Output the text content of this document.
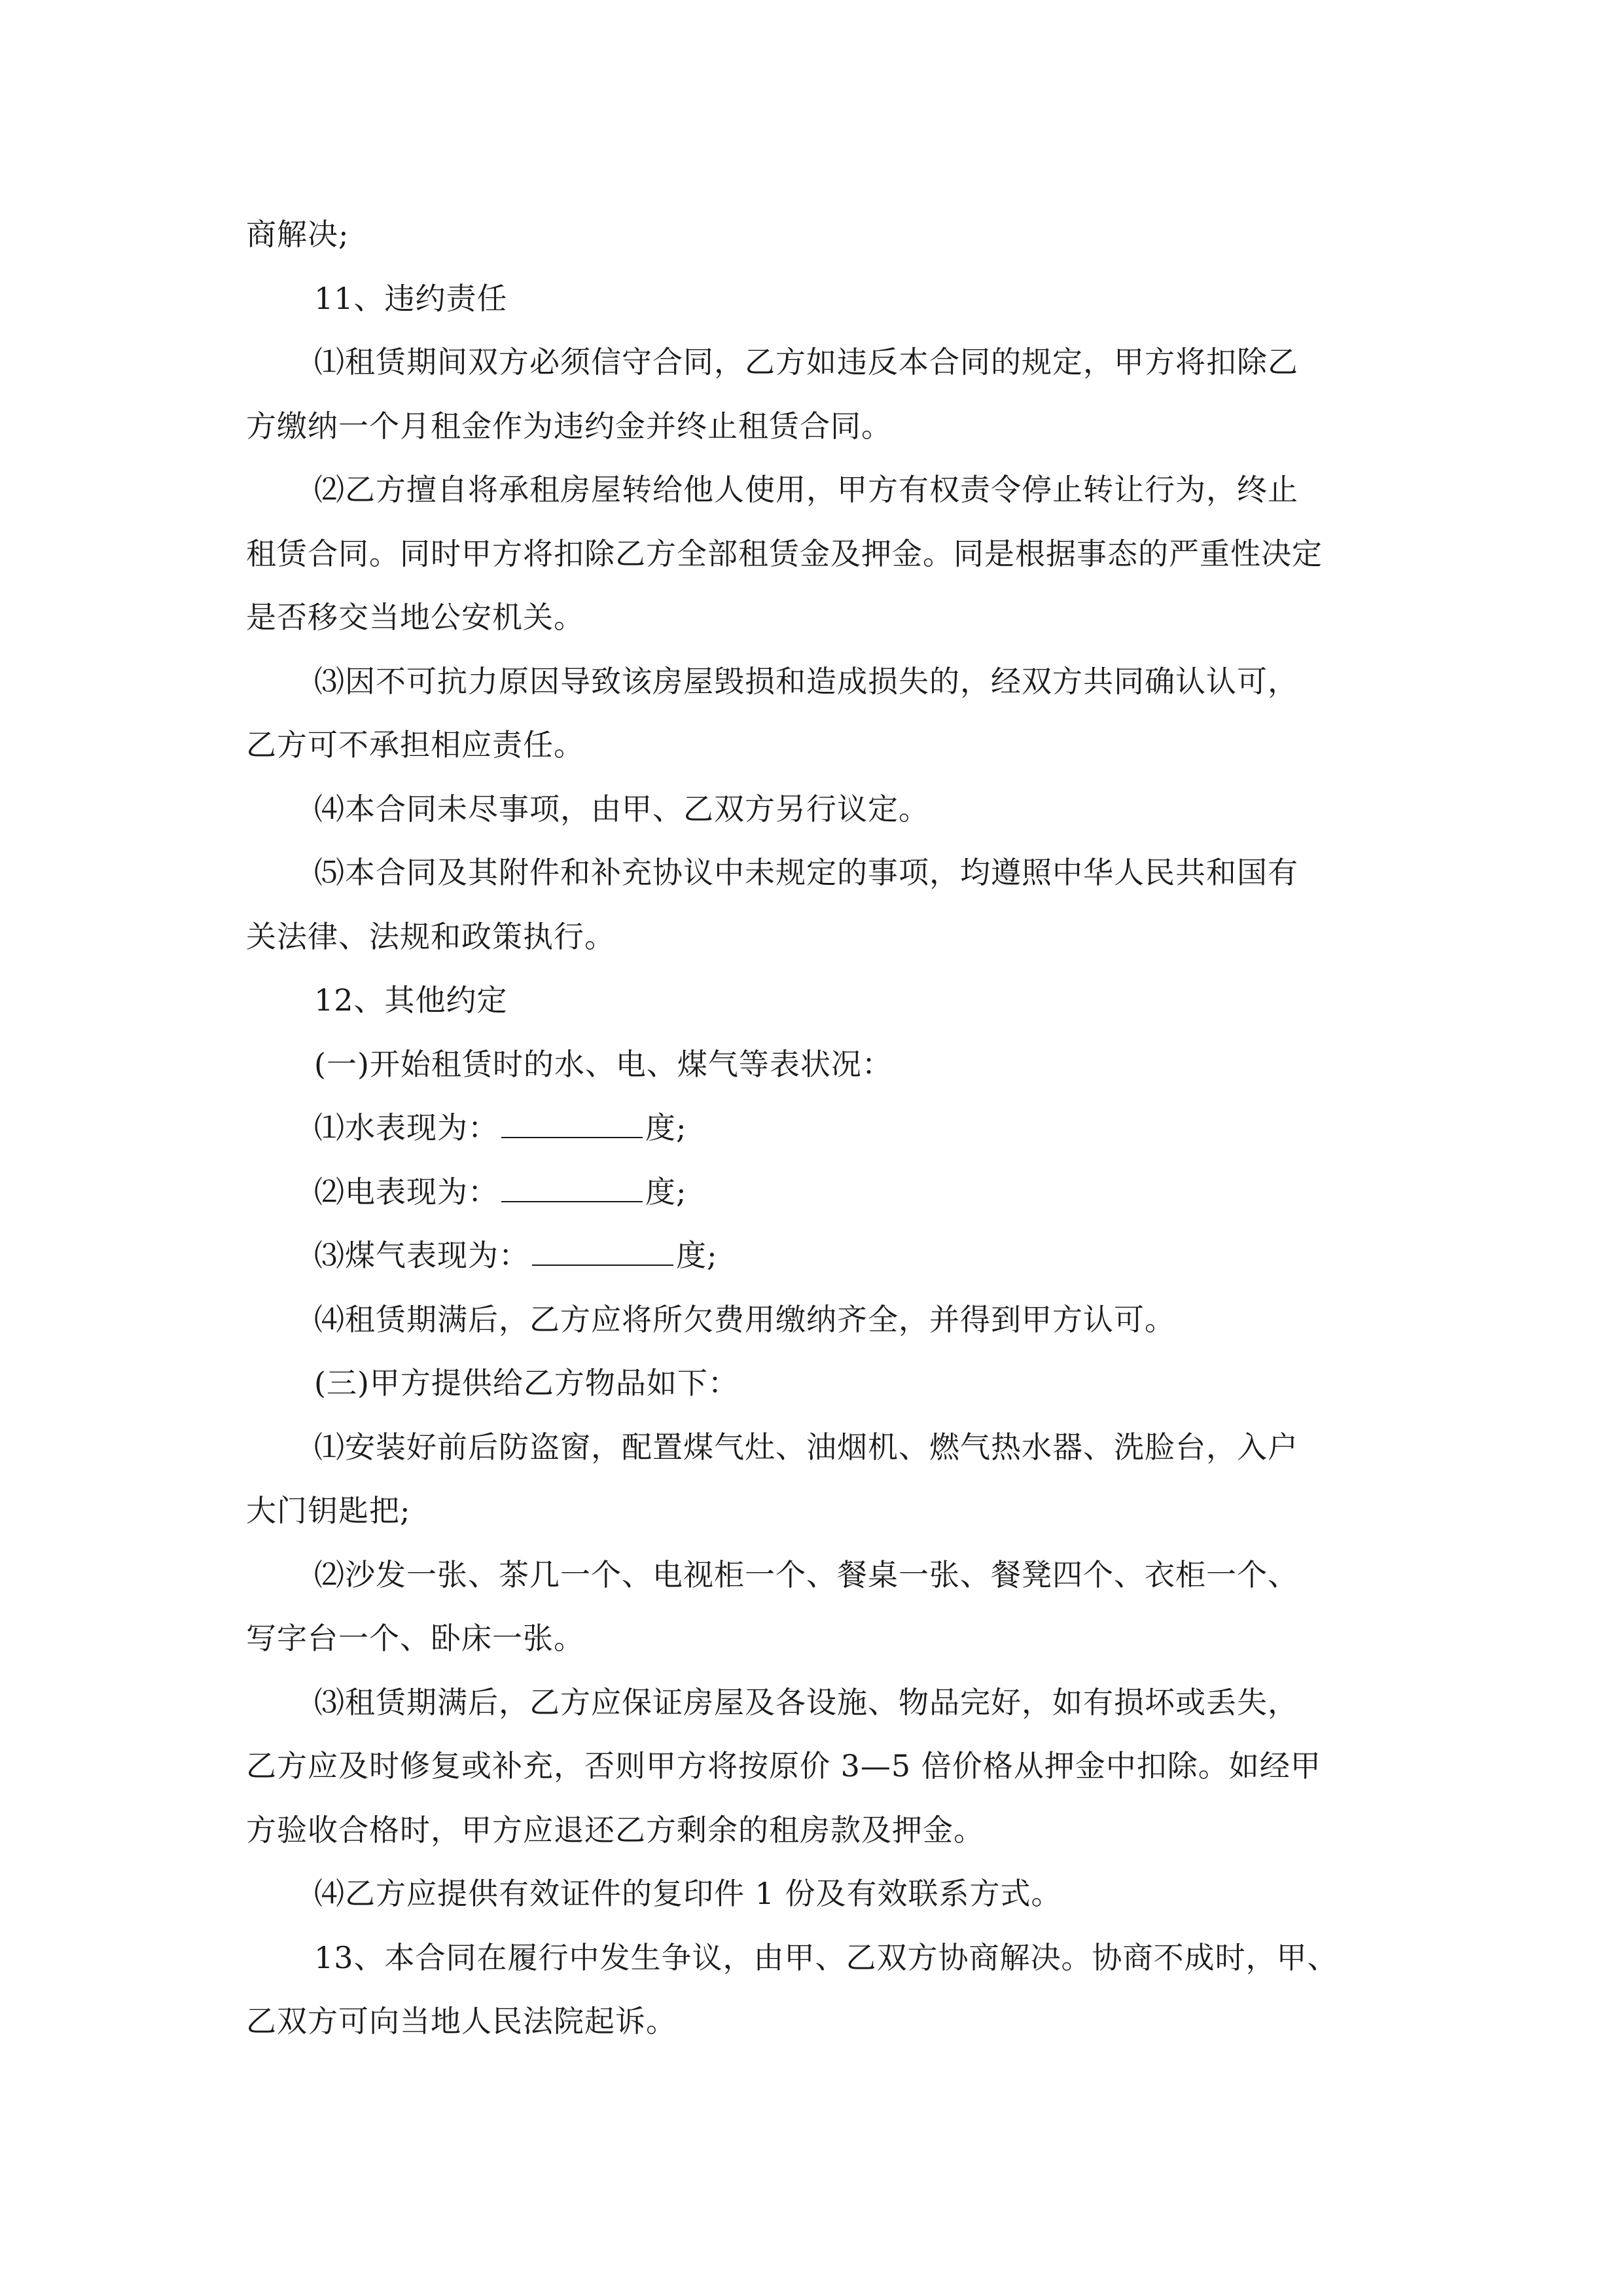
商解决;
11、违约责任
⑴租赁期间双方必须信守合同，乙方如违反本合同的规定，甲方将扣除乙
方缴纳一个月租金作为违约金并终止租赁合同。
⑵乙方擅自将承租房屋转给他人使用，甲方有权责令停止转让行为，终止
租赁合同。同时甲方将扣除乙方全部租赁金及押金。同是根据事态的严重性决定
是否移交当地公安机关。
⑶因不可抗力原因导致该房屋毁损和造成损失的，经双方共同确认认可，
乙方可不承担相应责任。
⑷本合同未尽事项，由甲、乙双方另行议定。
⑸本合同及其附件和补充协议中未规定的事项，均遵照中华人民共和国有
关法律、法规和政策执行。
12、其他约定
(一)开始租赁时的水、电、煤气等表状况：
⑴水表现为：	度;
⑵电表现为：	度;
⑶煤气表现为：	度;
⑷租赁期满后，乙方应将所欠费用缴纳齐全，并得到甲方认可。
(三)甲方提供给乙方物品如下：
⑴安装好前后防盗窗，配置煤气灶、油烟机、燃气热水器、洗脸台，入户
大门钥匙把;
⑵沙发一张、茶几一个、电视柜一个、餐桌一张、餐凳四个、衣柜一个、
写字台一个、卧床一张。
⑶租赁期满后，乙方应保证房屋及各设施、物品完好，如有损坏或丢失，
乙方应及时修复或补充，否则甲方将按原价 3—5 倍价格从押金中扣除。如经甲
方验收合格时，甲方应退还乙方剩余的租房款及押金。
⑷乙方应提供有效证件的复印件 1 份及有效联系方式。
13、本合同在履行中发生争议，由甲、乙双方协商解决。协商不成时，甲、
乙双方可向当地人民法院起诉。
